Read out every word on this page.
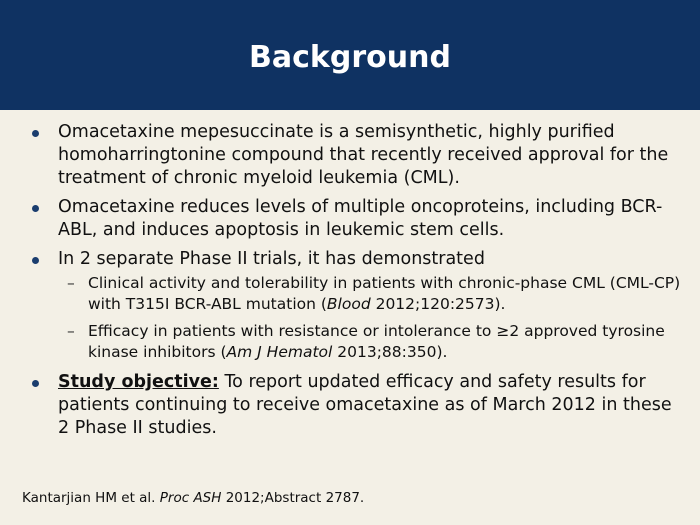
Background
Omacetaxine mepesuccinate is a semisynthetic, highly purified homoharringtonine compound that recently received approval for the treatment of chronic myeloid leukemia (CML).
Omacetaxine reduces levels of multiple oncoproteins, including BCR-ABL, and induces apoptosis in leukemic stem cells.
In 2 separate Phase II trials, it has demonstrated
– Clinical activity and tolerability in patients with chronic-phase CML (CML-CP) with T315I BCR-ABL mutation (Blood 2012;120:2573).
– Efficacy in patients with resistance or intolerance to ≥2 approved tyrosine kinase inhibitors (Am J Hematol 2013;88:350).
Study objective: To report updated efficacy and safety results for patients continuing to receive omacetaxine as of March 2012 in these 2 Phase II studies.
Kantarjian HM et al. Proc ASH 2012;Abstract 2787.
